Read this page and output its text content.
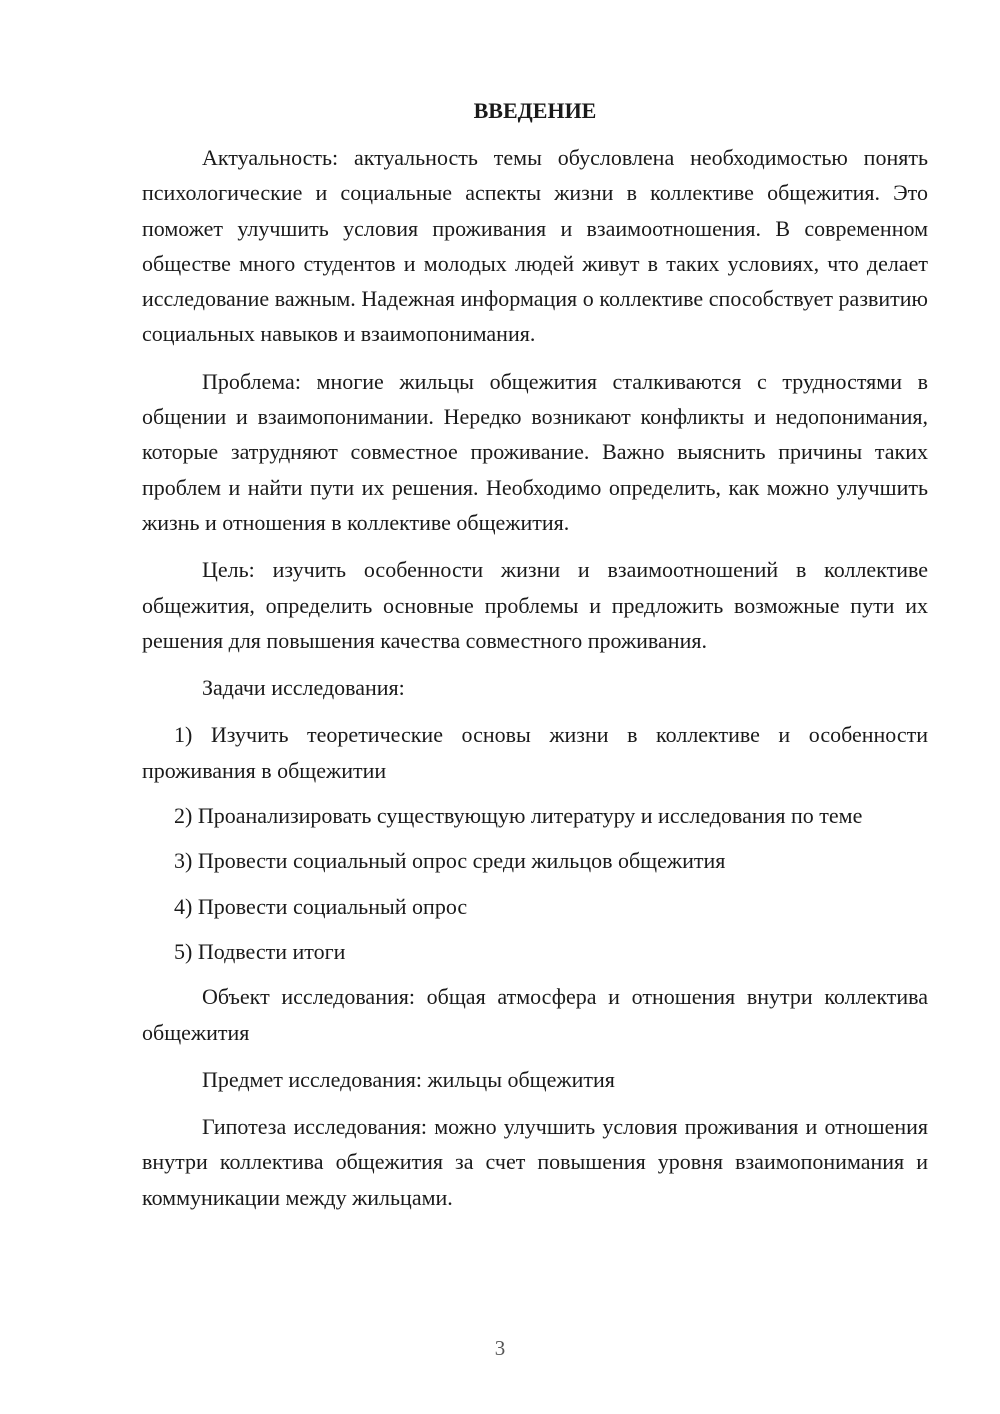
ВВЕДЕНИЕ

Актуальность: актуальность темы обусловлена необходимостью понять психологические и социальные аспекты жизни в коллективе общежития. Это поможет улучшить условия проживания и взаимоотношения. В современном обществе много студентов и молодых людей живут в таких условиях, что делает исследование важным. Надежная информация о коллективе способствует развитию социальных навыков и взаимопонимания.

Проблема: многие жильцы общежития сталкиваются с трудностями в общении и взаимопонимании. Нередко возникают конфликты и недопонимания, которые затрудняют совместное проживание. Важно выяснить причины таких проблем и найти пути их решения. Необходимо определить, как можно улучшить жизнь и отношения в коллективе общежития.

Цель: изучить особенности жизни и взаимоотношений в коллективе общежития, определить основные проблемы и предложить возможные пути их решения для повышения качества совместного проживания.

Задачи исследования:

1) Изучить теоретические основы жизни в коллективе и особенности проживания в общежитии

2) Проанализировать существующую литературу и исследования по теме

3) Провести социальный опрос среди жильцов общежития

4) Провести социальный опрос

5) Подвести итоги

Объект исследования: общая атмосфера и отношения внутри коллектива общежития

Предмет исследования: жильцы общежития

Гипотеза исследования: можно улучшить условия проживания и отношения внутри коллектива общежития за счет повышения уровня взаимопонимания и коммуникации между жильцами.

3
